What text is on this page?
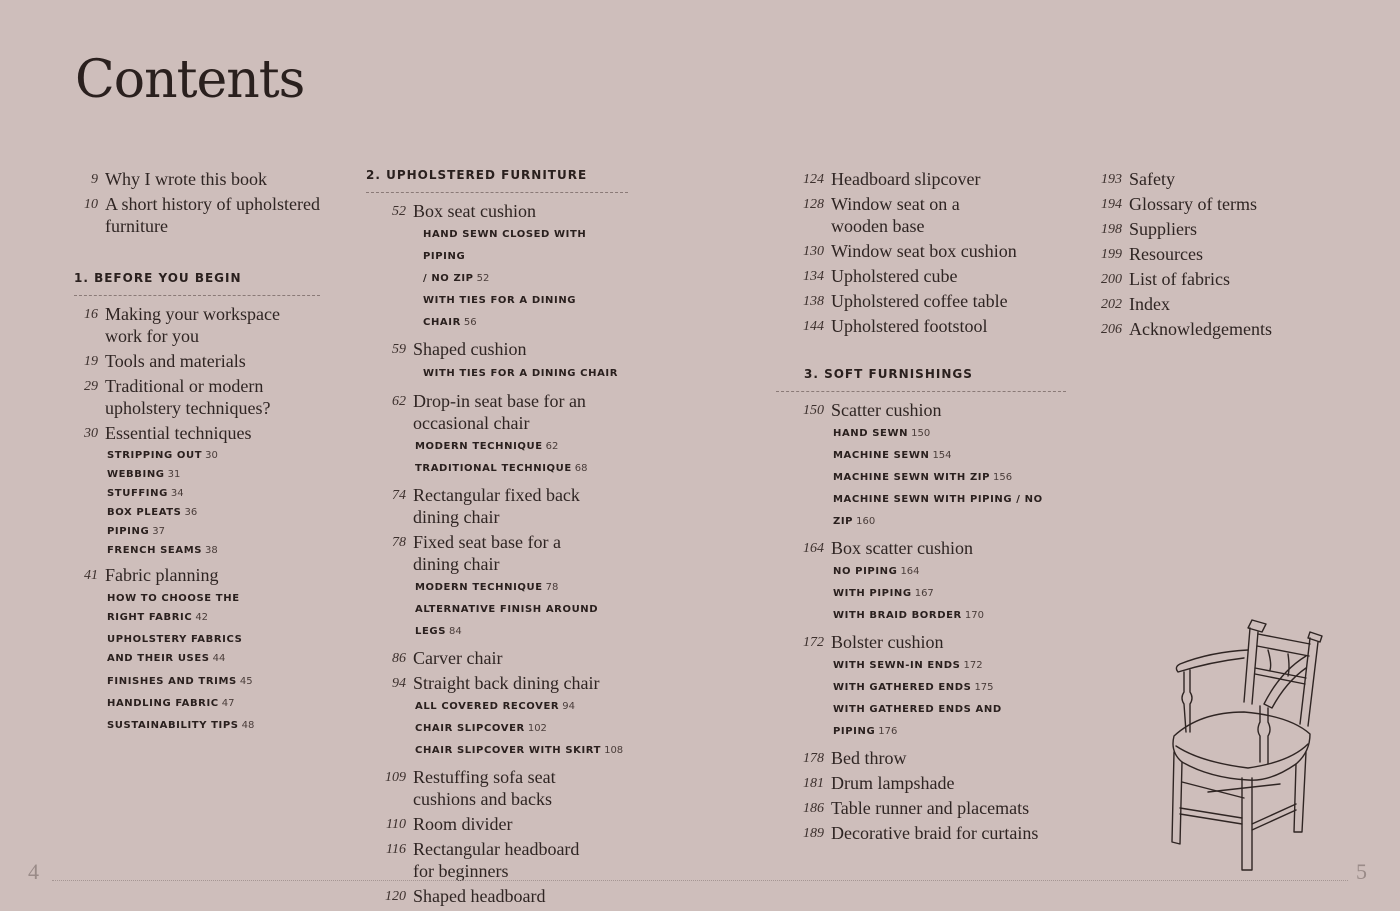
Contents
9 Why I wrote this book
10 A short history of upholstered furniture
1. BEFORE YOU BEGIN
16 Making your workspace work for you
19 Tools and materials
29 Traditional or modern upholstery techniques?
30 Essential techniques
STRIPPING OUT 30
WEBBING 31
STUFFING 34
BOX PLEATS 36
PIPING 37
FRENCH SEAMS 38
41 Fabric planning
HOW TO CHOOSE THE
RIGHT FABRIC 42
UPHOLSTERY FABRICS
AND THEIR USES 44
FINISHES AND TRIMS 45
HANDLING FABRIC 47
SUSTAINABILITY TIPS 48
2. UPHOLSTERED FURNITURE
52 Box seat cushion
HAND SEWN CLOSED WITH PIPING
/ NO ZIP 52
WITH TIES FOR A DINING CHAIR 56
59 Shaped cushion
WITH TIES FOR A DINING CHAIR
62 Drop-in seat base for an occasional chair
MODERN TECHNIQUE 62
TRADITIONAL TECHNIQUE 68
74 Rectangular fixed back dining chair
78 Fixed seat base for a dining chair
MODERN TECHNIQUE 78
ALTERNATIVE FINISH AROUND LEGS 84
86 Carver chair
94 Straight back dining chair
ALL COVERED RECOVER 94
CHAIR SLIPCOVER 102
CHAIR SLIPCOVER WITH SKIRT 108
109 Restuffing sofa seat cushions and backs
110 Room divider
116 Rectangular headboard for beginners
120 Shaped headboard
124 Headboard slipcover
128 Window seat on a wooden base
130 Window seat box cushion
134 Upholstered cube
138 Upholstered coffee table
144 Upholstered footstool
3. SOFT FURNISHINGS
150 Scatter cushion
HAND SEWN 150
MACHINE SEWN 154
MACHINE SEWN WITH ZIP 156
MACHINE SEWN WITH PIPING / NO ZIP 160
164 Box scatter cushion
NO PIPING 164
WITH PIPING 167
WITH BRAID BORDER 170
172 Bolster cushion
WITH SEWN-IN ENDS 172
WITH GATHERED ENDS 175
WITH GATHERED ENDS AND PIPING 176
178 Bed throw
181 Drum lampshade
186 Table runner and placemats
189 Decorative braid for curtains
193 Safety
194 Glossary of terms
198 Suppliers
199 Resources
200 List of fabrics
202 Index
206 Acknowledgements
4	5
